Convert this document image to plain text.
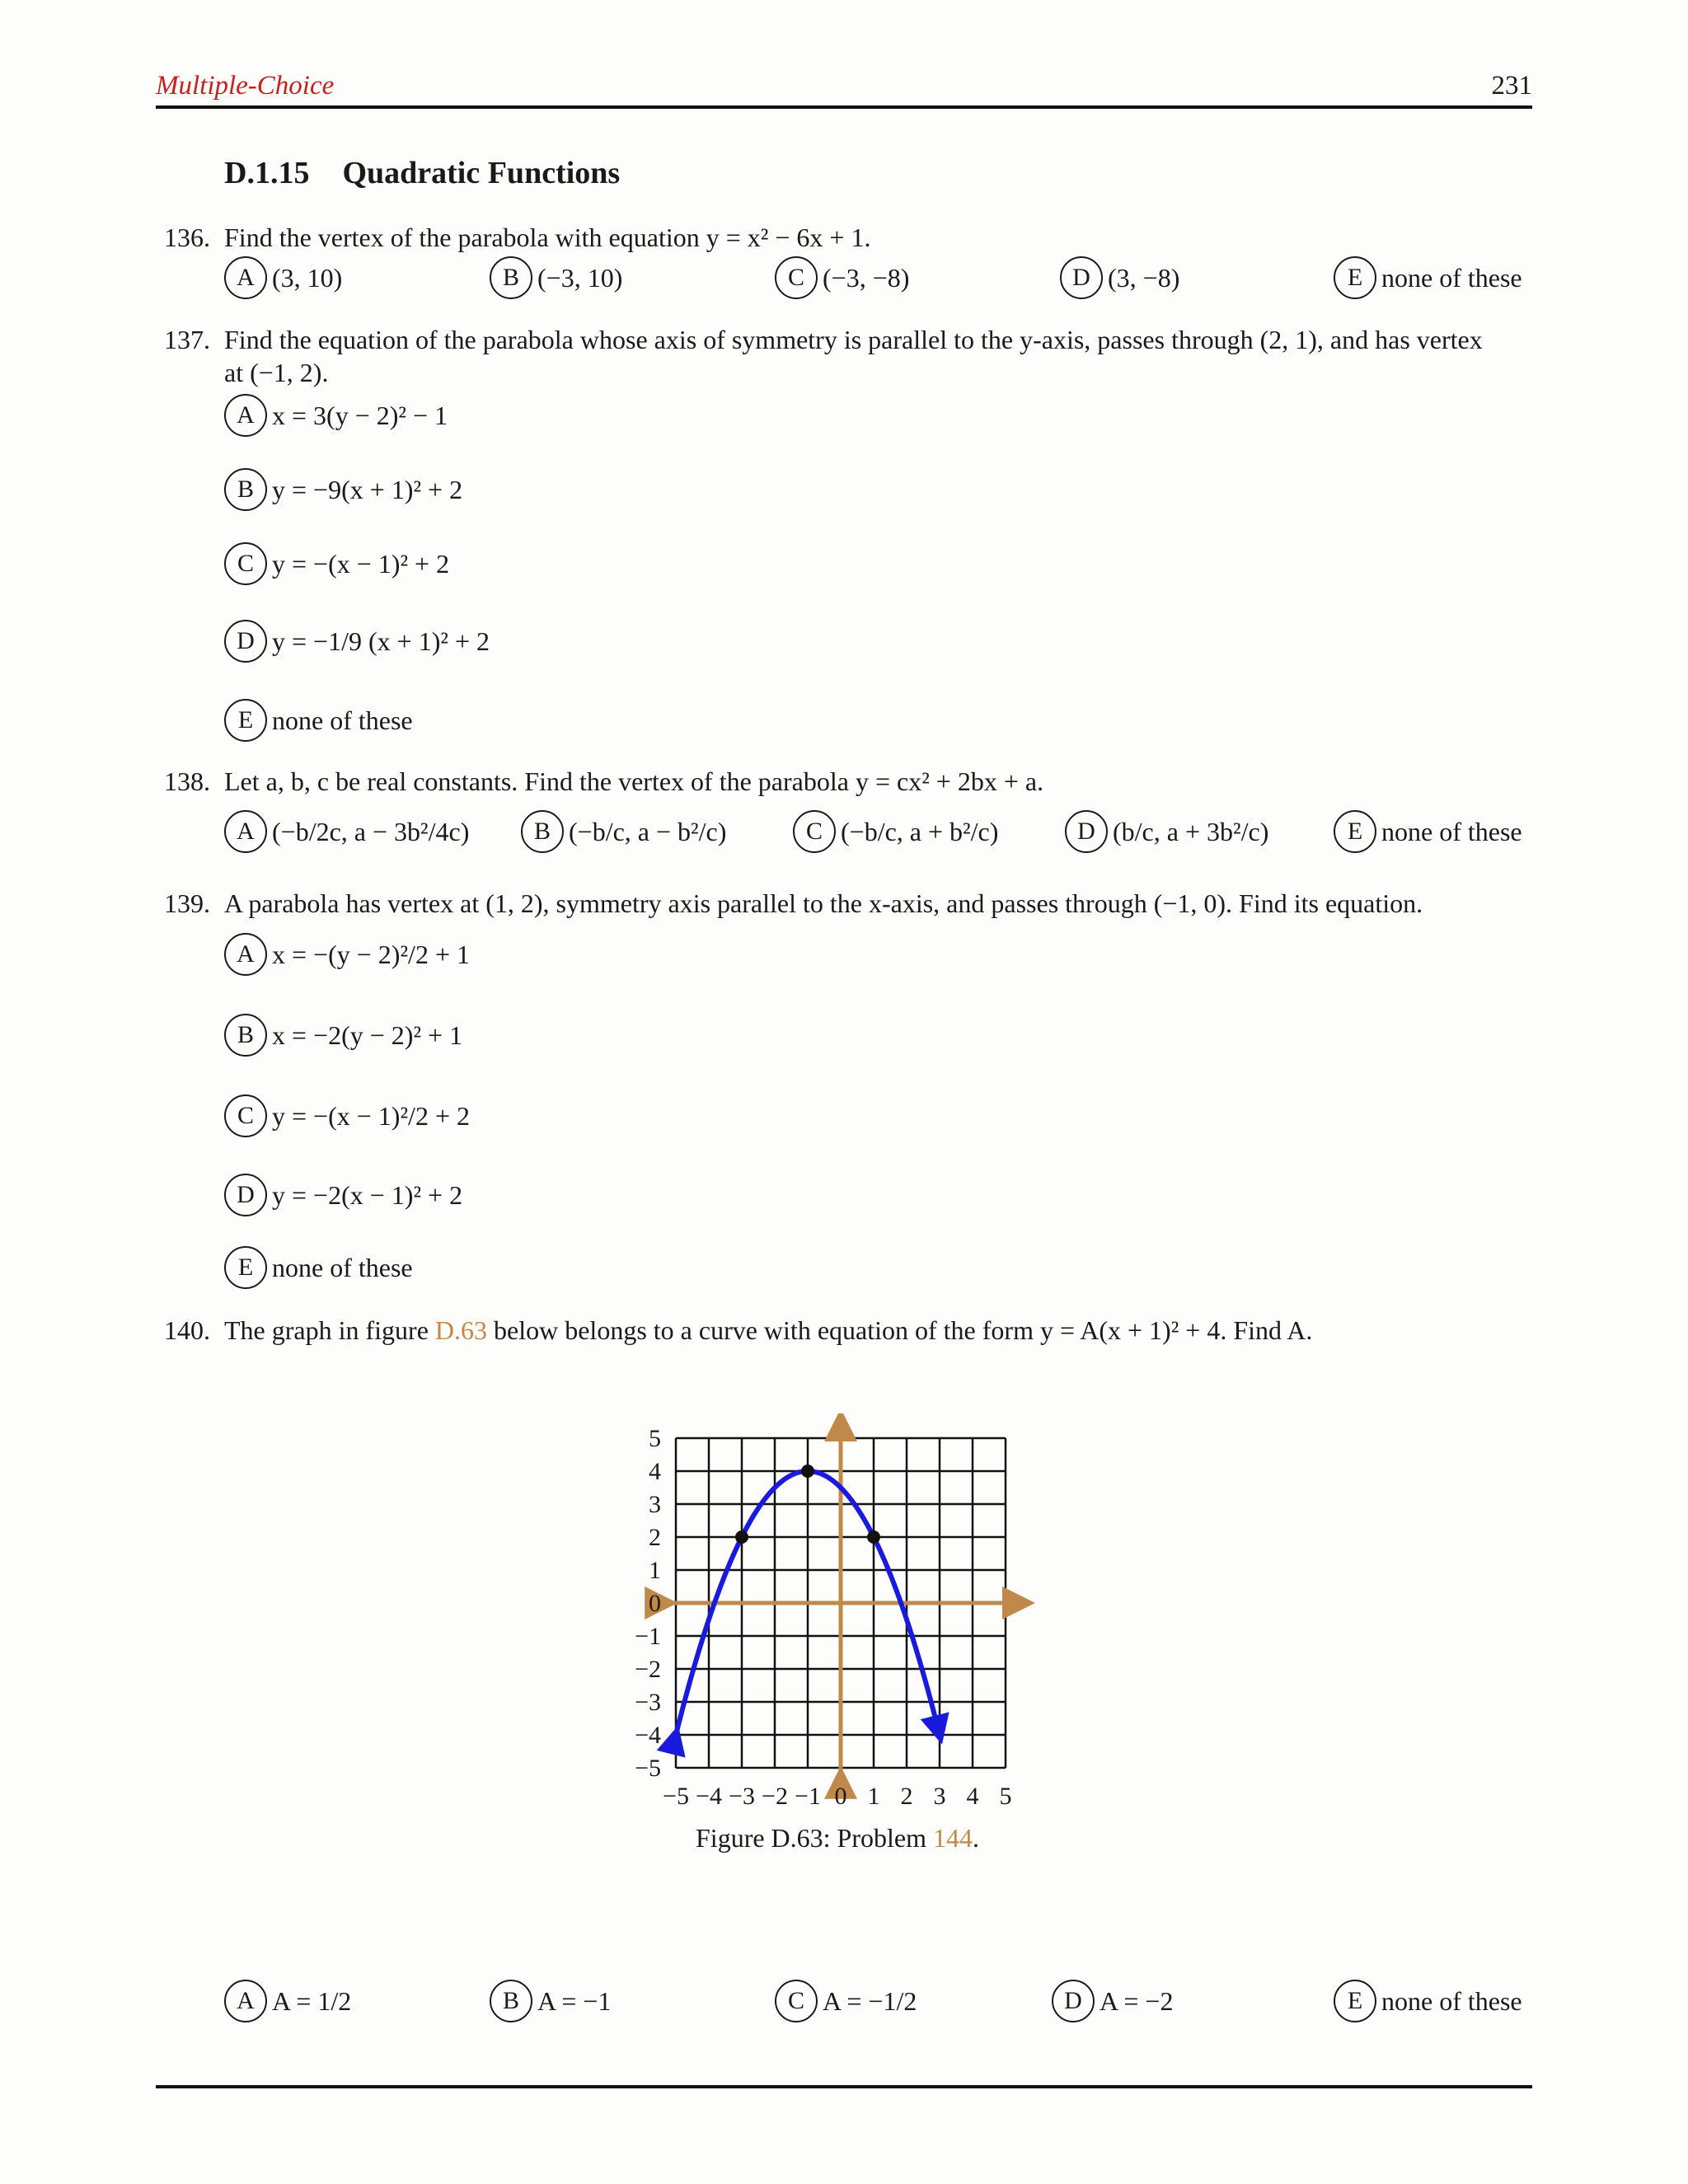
Multiple-Choice	231
D.1.15 Quadratic Functions
136. Find the vertex of the parabola with equation y = x² − 6x + 1.
A (3, 10)	B (−3, 10)	C (−3, −8)	D (3, −8)	E none of these
137. Find the equation of the parabola whose axis of symmetry is parallel to the y-axis, passes through (2, 1), and has vertex
at (−1, 2).
A x = 3(y − 2)² − 1
B y = −9(x + 1)² + 2
C y = −(x − 1)² + 2
D y = −1/9 (x + 1)² + 2
E none of these
138. Let a, b, c be real constants. Find the vertex of the parabola y = cx² + 2bx + a.
A (−b/2c, a − 3b²/4c)	B (−b/c, a − b²/c)	C (−b/c, a + b²/c)	D (b/c, a + 3b²/c)	E none of these
139. A parabola has vertex at (1, 2), symmetry axis parallel to the x-axis, and passes through (−1, 0). Find its equation.
A x = −(y − 2)²/2 + 1
B x = −2(y − 2)² + 1
C y = −(x − 1)²/2 + 2
D y = −2(x − 1)² + 2
E none of these
140. The graph in figure D.63 below belongs to a curve with equation of the form y = A(x + 1)² + 4. Find A.
−5 −4 −3 −2 −1 0 1 2 3 4 5
5
4
3
2
1
0
−1
−2
−3
−4
−5
Figure D.63: Problem 144.
A A = 1/2	B A = −1	C A = −1/2	D A = −2	E none of these
